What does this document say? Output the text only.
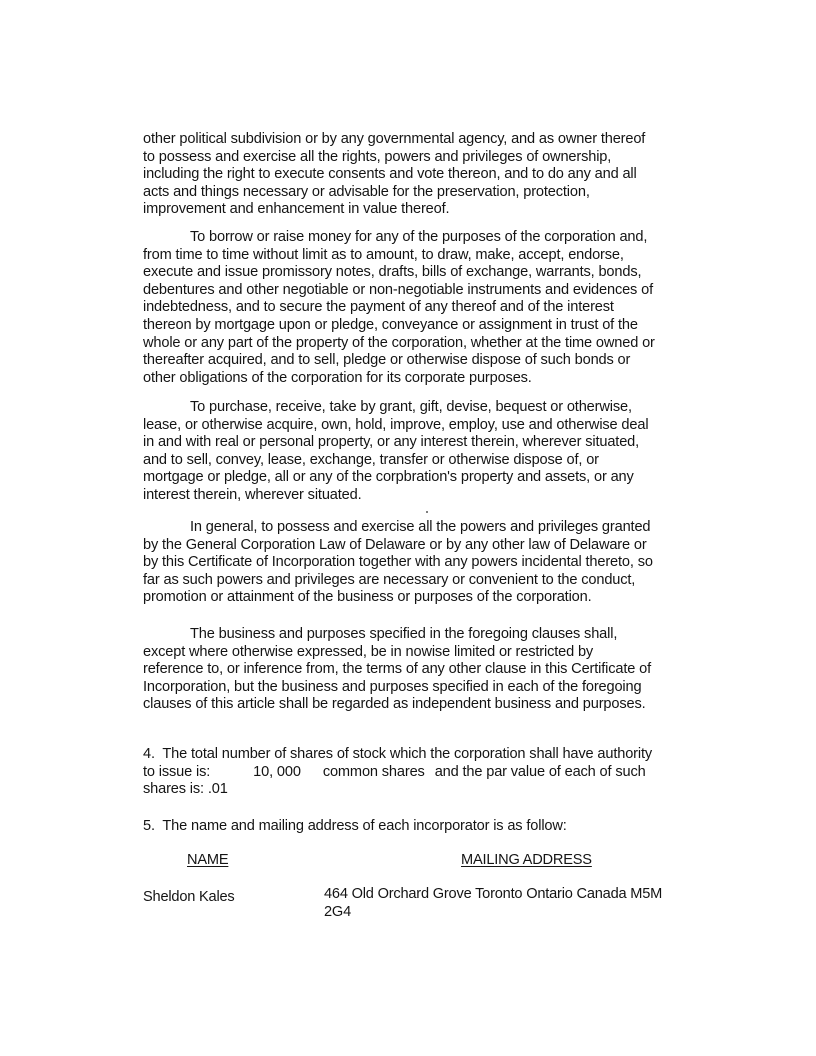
other political subdivision or by any governmental agency, and as owner thereof
to possess and exercise all the rights, powers and privileges of ownership,
including the right to execute consents and vote thereon, and to do any and all
acts and things necessary or advisable for the preservation, protection,
improvement and enhancement in value thereof.
To borrow or raise money for any of the purposes of the corporation and,
from time to time without limit as to amount, to draw, make, accept, endorse,
execute and issue promissory notes, drafts, bills of exchange, warrants, bonds,
debentures and other negotiable or non-negotiable instruments and evidences of
indebtedness, and to secure the payment of any thereof and of the interest
thereon by mortgage upon or pledge, conveyance or assignment in trust of the
whole or any part of the property of the corporation, whether at the time owned or
thereafter acquired, and to sell, pledge or otherwise dispose of such bonds or
other obligations of the corporation for its corporate purposes.
To purchase, receive, take by grant, gift, devise, bequest or otherwise,
lease, or otherwise acquire, own, hold, improve, employ, use and otherwise deal
in and with real or personal property, or any interest therein, wherever situated,
and to sell, convey, lease, exchange, transfer or otherwise dispose of, or
mortgage or pledge, all or any of the corpbration's property and assets, or any
interest therein, wherever situated.
In general, to possess and exercise all the powers and privileges granted
by the General Corporation Law of Delaware or by any other law of Delaware or
by this Certificate of Incorporation together with any powers incidental thereto, so
far as such powers and privileges are necessary or convenient to the conduct,
promotion or attainment of the business or purposes of the corporation.
The business and purposes specified in the foregoing clauses shall,
except where otherwise expressed, be in nowise limited or restricted by
reference to, or inference from, the terms of any other clause in this Certificate of
Incorporation, but the business and purposes specified in each of the foregoing
clauses of this article shall be regarded as independent business and purposes.
4.  The total number of shares of stock which the corporation shall have authority
to issue is:	10, 000 common shares and the par value of each of such
shares is: .01
5.  The name and mailing address of each incorporator is as follow:
NAME	MAILING ADDRESS
Sheldon Kales	464 Old Orchard Grove Toronto Ontario Canada M5M
2G4
